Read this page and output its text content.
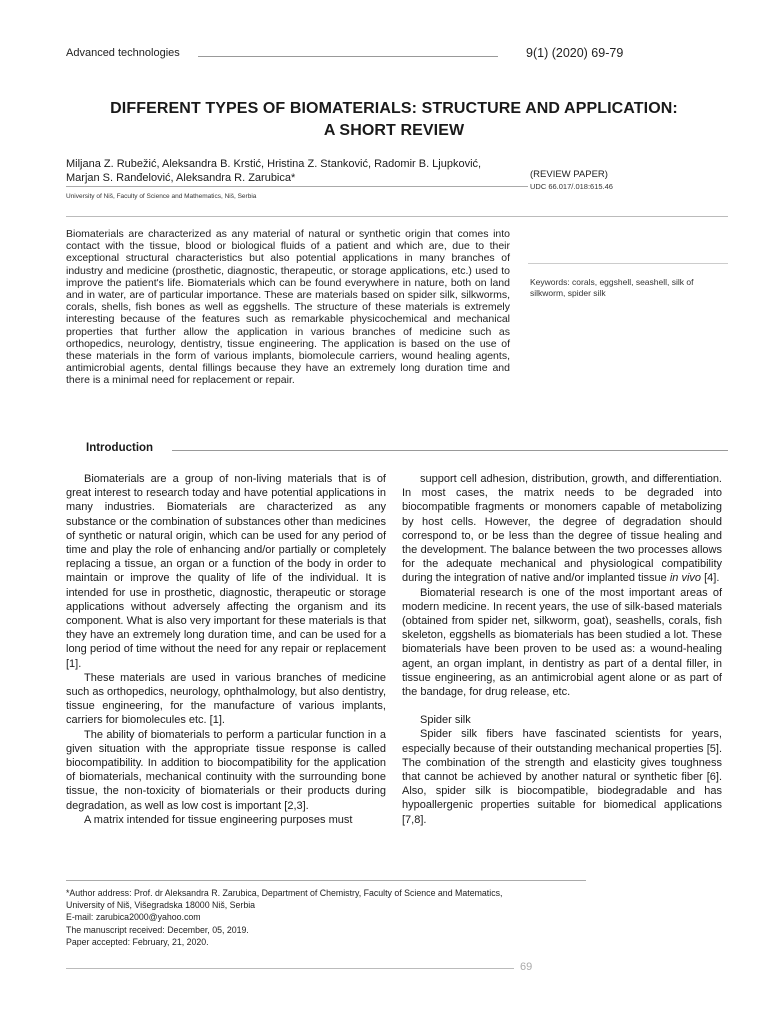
Advanced technologies	9(1) (2020) 69-79
DIFFERENT TYPES OF BIOMATERIALS: STRUCTURE AND APPLICATION:
A SHORT REVIEW
Miljana Z. Rubežić, Aleksandra B. Krstić, Hristina Z. Stanković, Radomir B. Ljupković,
Marjan S. Ranđelović, Aleksandra R. Zarubica*
University of Niš, Faculty of Science and Mathematics, Niš, Serbia
(REVIEW PAPER)
UDC 66.017/.018:615.46
Biomaterials are characterized as any material of natural or synthetic origin that comes into contact with the tissue, blood or biological fluids of a patient and which are, due to their exceptional structural characteristics but also potential applications in many branches of industry and medicine (prosthetic, diagnostic, therapeutic, or storage applications, etc.) used to improve the patient's life. Biomaterials which can be found everywhere in nature, both on land and in water, are of particular importance. These are materials based on spider silk, silkworms, corals, shells, fish bones as well as eggshells. The structure of these materials is extremely interesting because of the features such as remarkable physicochemical and mechanical properties that further allow the application in various branches of medicine such as orthopedics, neurology, dentistry, tissue engineering. The application is based on the use of these materials in the form of various implants, biomolecule carriers, wound healing agents, antimicrobial agents, dental fillings because they have an extremely long duration time and there is a minimal need for replacement or repair.
Keywords: corals, eggshell, seashell, silk of silkworm, spider silk
Introduction

Biomaterials are a group of non-living materials that is of great interest to research today and have potential applications in many industries. Biomaterials are characterized as any substance or the combination of substances other than medicines of synthetic or natural origin, which can be used for any period of time and play the role of enhancing and/or partially or completely replacing a tissue, an organ or a function of the body in order to maintain or improve the quality of life of the individual. It is intended for use in prosthetic, diagnostic, therapeutic or storage applications without adversely affecting the organism and its component. What is also very important for these materials is that they have an extremely long duration time, and can be used for a long period of time without the need for any repair or replacement [1].

These materials are used in various branches of medicine such as orthopedics, neurology, ophthalmology, but also dentistry, tissue engineering, for the manufacture of various implants, carriers for biomolecules etc. [1].

The ability of biomaterials to perform a particular function in a given situation with the appropriate tissue response is called biocompatibility. In addition to biocompatibility for the application of biomaterials, mechanical continuity with the surrounding bone tissue, the non-toxicity of biomaterials or their products during degradation, as well as low cost is important [2,3].

A matrix intended for tissue engineering purposes must

support cell adhesion, distribution, growth, and differentiation. In most cases, the matrix needs to be degraded into biocompatible fragments or monomers capable of metabolizing by host cells. However, the degree of degradation should correspond to, or be less than the degree of tissue healing and the development. The balance between the two processes allows for the adequate mechanical and physiological compatibility during the integration of native and/or implanted tissue in vivo [4].

Biomaterial research is one of the most important areas of modern medicine. In recent years, the use of silk-based materials (obtained from spider net, silkworm, goat), seashells, corals, fish skeleton, eggshells as biomaterials has been studied a lot. These biomaterials have been proven to be used as: a wound-healing agent, an organ implant, in dentistry as part of a dental filler, in tissue engineering, as an antimicrobial agent alone or as part of the bandage, for drug release, etc.

Spider silk

Spider silk fibers have fascinated scientists for years, especially because of their outstanding mechanical properties [5]. The combination of the strength and elasticity gives toughness that cannot be achieved by another natural or synthetic fiber [6]. Also, spider silk is biocompatible, biodegradable and has hypoallergenic properties suitable for biomedical applications [7,8].

*Author address: Prof. dr Aleksandra R. Zarubica, Department of Chemistry, Faculty of Science and Matematics,
University of Niš, Višegradska 18000 Niš, Serbia
E-mail: zarubica2000@yahoo.com
The manuscript received: December, 05, 2019.
Paper accepted: February, 21, 2020.
69
